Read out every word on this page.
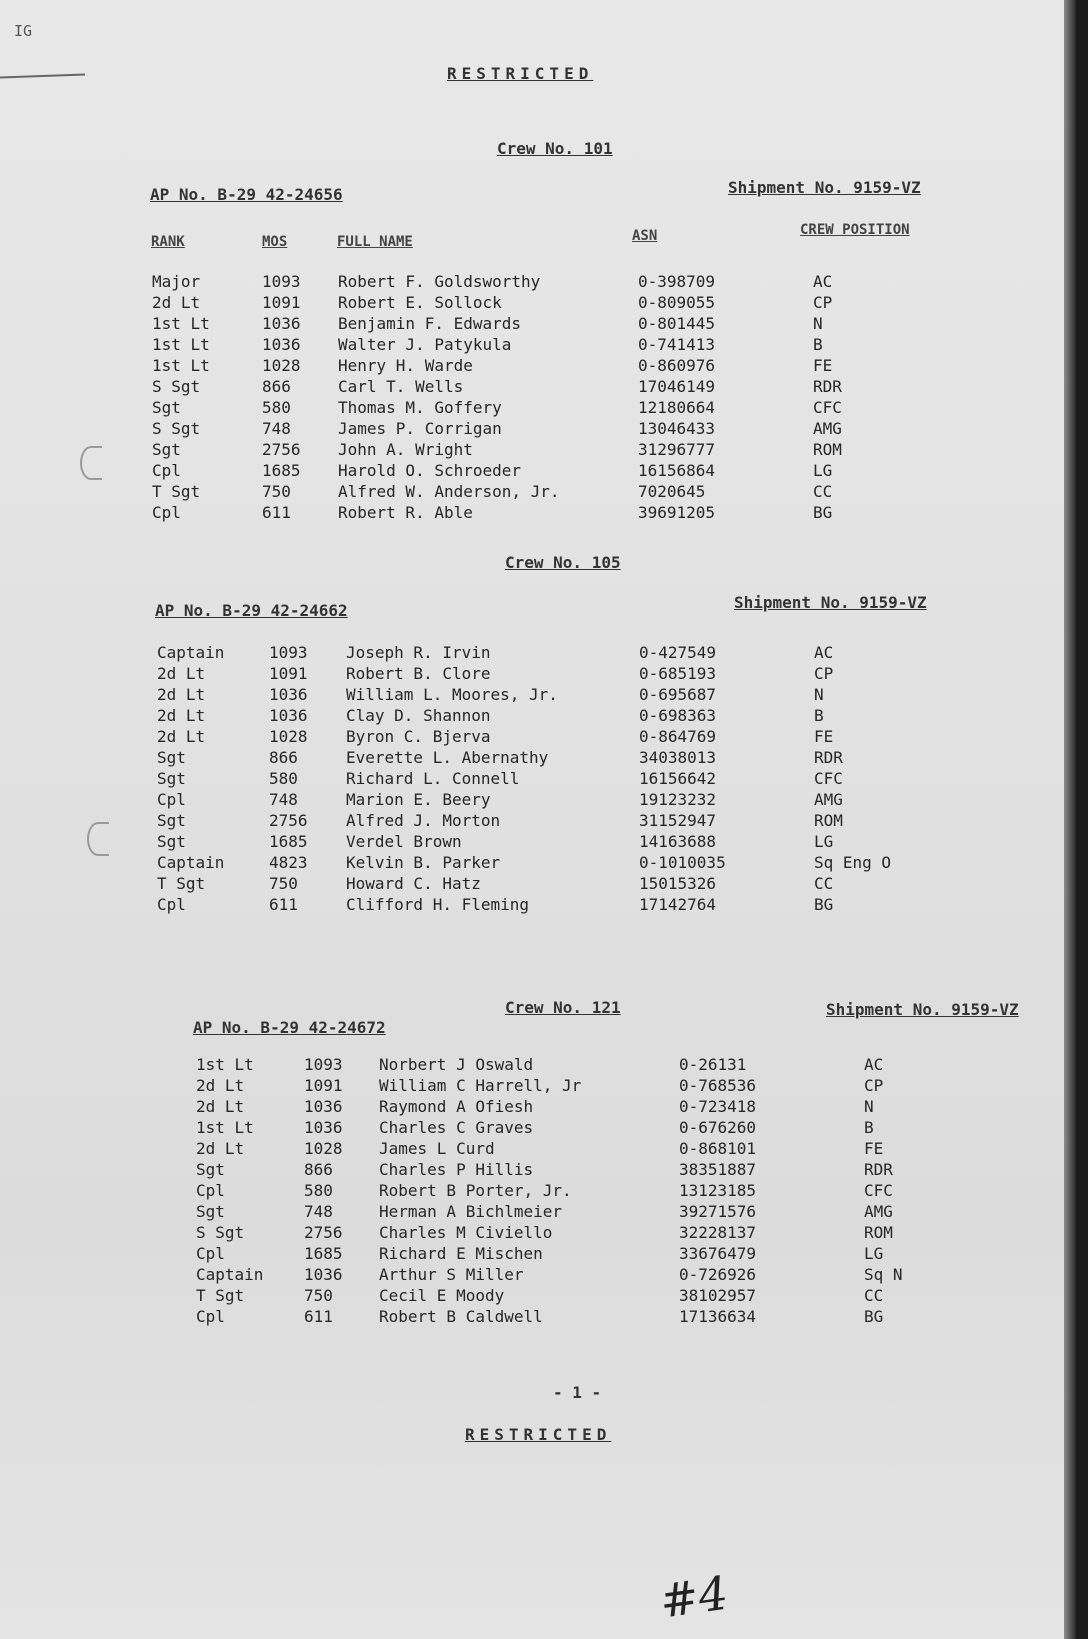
IG
RESTRICTED
Crew No. 101
AP No. B-29 42-24656	Shipment No. 9159-VZ
RANK	MOS	FULL NAME	ASN	CREW POSITION
Major	1093	Robert F. Goldsworthy	0-398709	AC
2d Lt	1091	Robert E. Sollock	0-809055	CP
1st Lt	1036	Benjamin F. Edwards	0-801445	N
1st Lt	1036	Walter J. Patykula	0-741413	B
1st Lt	1028	Henry H. Warde	0-860976	FE
S Sgt	866	Carl T. Wells	17046149	RDR
Sgt	580	Thomas M. Goffery	12180664	CFC
S Sgt	748	James P. Corrigan	13046433	AMG
Sgt	2756	John A. Wright	31296777	ROM
Cpl	1685	Harold O. Schroeder	16156864	LG
T Sgt	750	Alfred W. Anderson, Jr.	7020645	CC
Cpl	611	Robert R. Able	39691205	BG
Crew No. 105
AP No. B-29 42-24662	Shipment No. 9159-VZ
Captain	1093	Joseph R. Irvin	0-427549	AC
2d Lt	1091	Robert B. Clore	0-685193	CP
2d Lt	1036	William L. Moores, Jr.	0-695687	N
2d Lt	1036	Clay D. Shannon	0-698363	B
2d Lt	1028	Byron C. Bjerva	0-864769	FE
Sgt	866	Everette L. Abernathy	34038013	RDR
Sgt	580	Richard L. Connell	16156642	CFC
Cpl	748	Marion E. Beery	19123232	AMG
Sgt	2756	Alfred J. Morton	31152947	ROM
Sgt	1685	Verdel Brown	14163688	LG
Captain	4823	Kelvin B. Parker	0-1010035	Sq Eng O
T Sgt	750	Howard C. Hatz	15015326	CC
Cpl	611	Clifford H. Fleming	17142764	BG
Crew No. 121
AP No. B-29 42-24672
Shipment No. 9159-VZ
1st Lt	1093	Norbert J Oswald	0-26131	AC
2d Lt	1091	William C Harrell, Jr	0-768536	CP
2d Lt	1036	Raymond A Ofiesh	0-723418	N
1st Lt	1036	Charles C Graves	0-676260	B
2d Lt	1028	James L Curd	0-868101	FE
Sgt	866	Charles P Hillis	38351887	RDR
Cpl	580	Robert B Porter, Jr.	13123185	CFC
Sgt	748	Herman A Bichlmeier	39271576	AMG
S Sgt	2756	Charles M Civiello	32228137	ROM
Cpl	1685	Richard E Mischen	33676479	LG
Captain	1036	Arthur S Miller	0-726926	Sq N
T Sgt	750	Cecil E Moody	38102957	CC
Cpl	611	Robert B Caldwell	17136634	BG
- 1 -
RESTRICTED
#4
